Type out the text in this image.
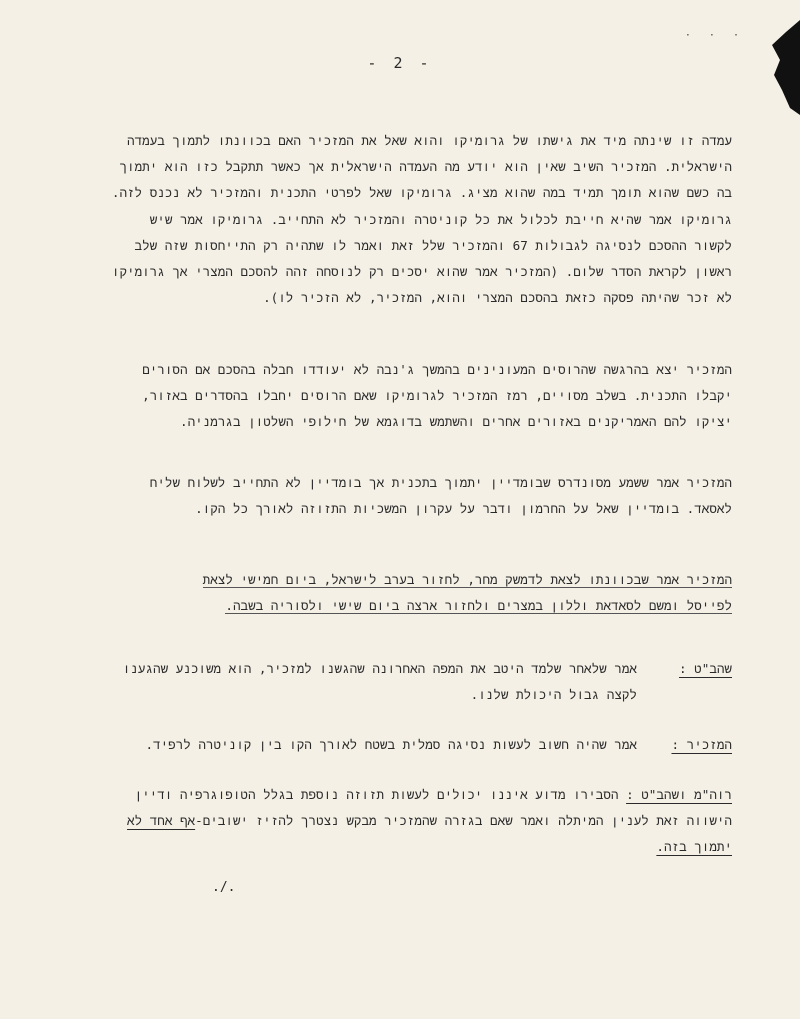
· · ·
- 2 -

עמדה זו שינתה מיד את גישתו של גרומיקו והוא שאל את המזכיר האם בכוונתו לתמוך בעמדה הישראלית. המזכיר השיב שאין הוא יודע מה העמדה הישראלית אך כאשר תתקבל כזו הוא יתמוך בה כשם שהוא תומך תמיד במה שהוא מציג. גרומיקו שאל לפרטי התכנית והמזכיר לא נכנס לזה. גרומיקו אמר שהיא חייבת לכלול את כל קוניטרה והמזכיר לא התחייב. גרומיקו אמר שיש לקשור ההסכם לנסיגה לגבולות 67 והמזכיר שלל זאת ואמר לו שתהיה רק התייחסות שזה שלב ראשון לקראת הסדר שלום. (המזכיר אמר שהוא יסכים רק לנוסחה זהה להסכם המצרי אך גרומיקו לא זכר שהיתה פסקה כזאת בהסכם המצרי והוא, המזכיר, לא הזכיר לו).

המזכיר יצא בהרגשה שהרוסים המעונינים בהמשך ג'נבה לא יעודדו חבלה בהסכם אם הסורים יקבלו התכנית. בשלב מסויים, רמז המזכיר לגרומיקו שאם הרוסים יחבלו בהסדרים באזור, יציקו להם האמריקנים באזורים אחרים והשתמש בדוגמא של חילופי השלטון בגרמניה.

המזכיר אמר ששמע מסונדרס שבומדיין יתמוך בתכנית אך בומדיין לא התחייב לשלוח שליח לאסאד. בומדיין שאל על החרמון ודבר על עקרון המשכיות התזוזה לאורך כל הקו.

המזכיר אמר שבכוונתו לצאת לדמשק מחר, לחזור בערב לישראל, ביום חמישי לצאת
לפייסל ומשם לסאדאת וללון במצרים ולחזור ארצה ביום שישי ולסוריה בשבה.

שהב"ט :
אמר שלאחר שלמד היטב את המפה האחרונה שהגשנו למזכיר, הוא משוכנע שהגענו לקצה גבול היכולת שלנו.
המזכיר :
אמר שהיה חשוב לעשות נסיגה סמלית בשטח לאורך הקו בין קוניטרה לרפיד.
רוה"מ ושהב"ט : הסבירו מדוע איננו יכולים לעשות תזוזה נוספת בגלל הטופוגרפיה ודיין הישווה זאת לענין המיתלה ואמר שאם בגזרה שהמזכיר מבקש נצטרך להזיז ישובים-אף אחד לא יתמוך בזה.
./.
